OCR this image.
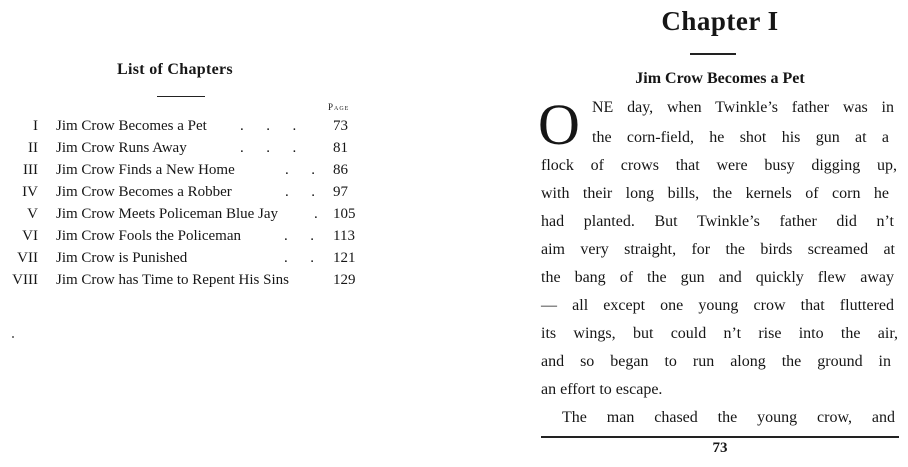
List of Chapters
Page
I Jim Crow Becomes a Pet .      .      . 73
II Jim Crow Runs Away	.      .      . 81
III Jim Crow Finds a New Home	.      . 86
IV Jim Crow Becomes a Robber	.      . 97
V Jim Crow Meets Policeman Blue Jay . 105
VI Jim Crow Fools the Policeman	.      . 113
VII Jim Crow is Punished	.      . 121
VIII Jim Crow has Time to Repent His Sins	129
Chapter I
Jim Crow Becomes a Pet
O NE day, when Twinkle’s father was in
the corn-field, he shot his gun at a
flock of crows that were busy digging up,
with their long bills, the kernels of corn he
had planted. But Twinkle’s father did n’t
aim very straight, for the birds screamed at
the bang of the gun and quickly flew away
— all except one young crow that fluttered
its wings, but could n’t rise into the air,
and so began to run along the ground in
an effort to escape.
The man chased the young crow, and
73
